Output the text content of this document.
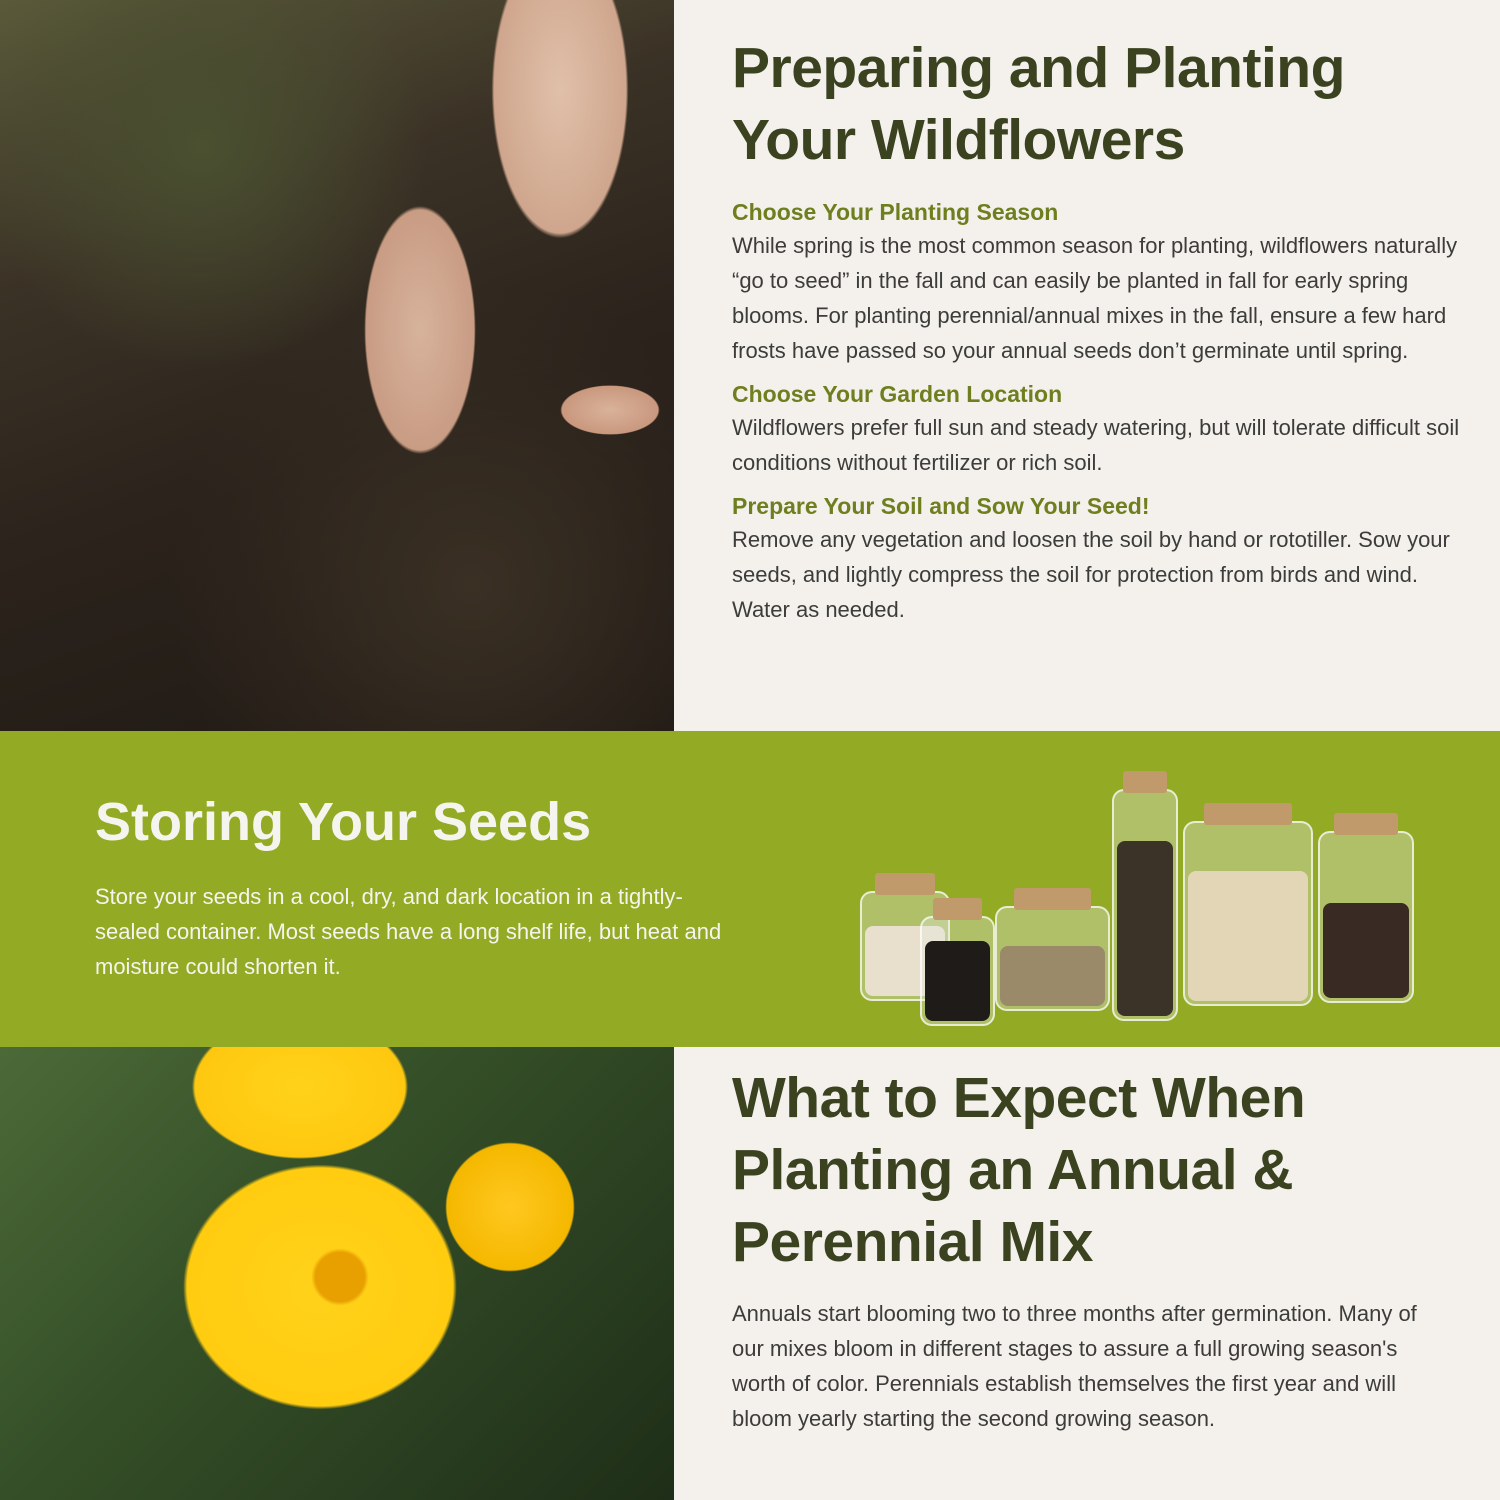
Preparing and Planting Your Wildflowers
Choose Your Planting Season

While spring is the most common season for planting, wildflowers naturally “go to seed” in the fall and can easily be planted in fall for early spring blooms. For planting perennial/annual mixes in the fall, ensure a few hard frosts have passed so your annual seeds don’t germinate until spring.

Choose Your Garden Location

Wildflowers prefer full sun and steady watering, but will tolerate difficult soil conditions without fertilizer or rich soil.

Prepare Your Soil and Sow Your Seed!

Remove any vegetation and loosen the soil by hand or rototiller. Sow your seeds, and lightly compress the soil for protection from birds and wind. Water as needed.

Storing Your Seeds

Store your seeds in a cool, dry, and dark location in a tightly-sealed container. Most seeds have a long shelf life, but heat and moisture could shorten it.

What to Expect When Planting an Annual & Perennial Mix

Annuals start blooming two to three months after germination. Many of our mixes bloom in different stages to assure a full growing season's worth of color. Perennials establish themselves the first year and will bloom yearly starting the second growing season.
